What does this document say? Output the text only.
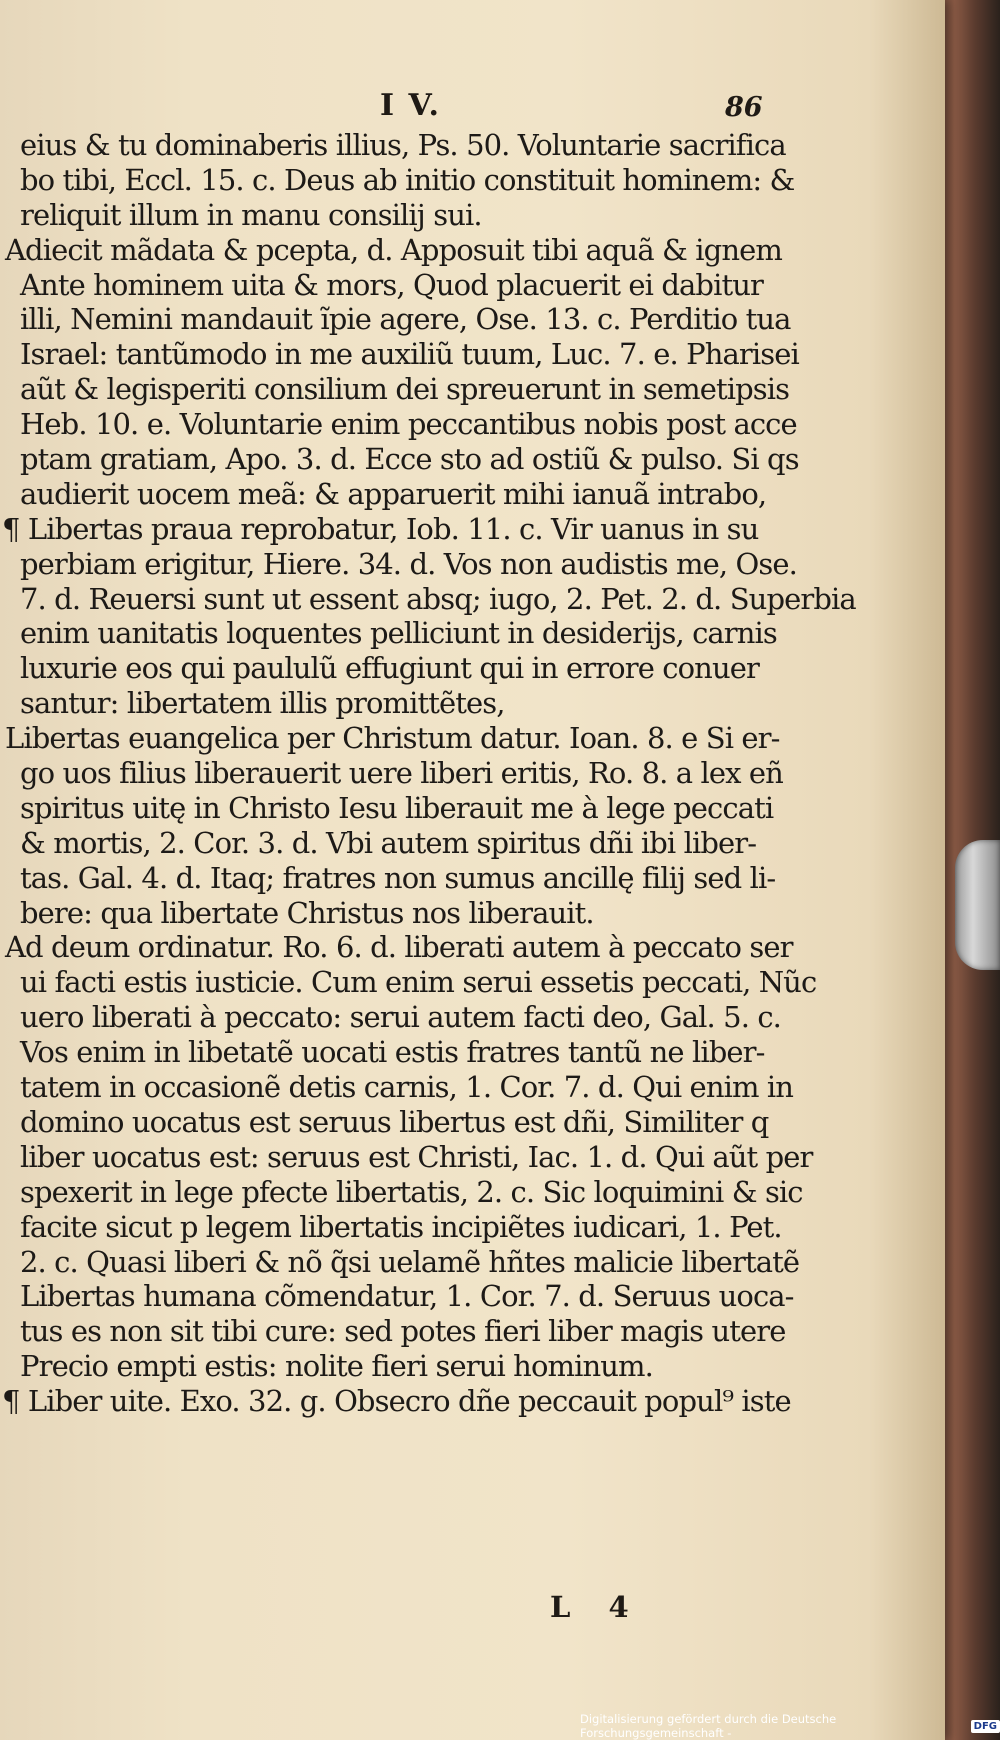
I V.	86
eius & tu dominaberis illius, Ps. 50. Voluntarie sacrifica
bo tibi, Eccl. 15. c. Deus ab initio constituit hominem: &
reliquit illum in manu consilij sui.
Adiecit mãdata & pcepta, d. Apposuit tibi aquã & ignem
Ante hominem uita & mors, Quod placuerit ei dabitur
illi, Nemini mandauit ĩpie agere, Ose. 13. c. Perditio tua
Israel: tantũmodo in me auxiliũ tuum, Luc. 7. e. Pharisei
aũt & legisperiti consilium dei spreuerunt in semetipsis
Heb. 10. e. Voluntarie enim peccantibus nobis post acce
ptam gratiam, Apo. 3. d. Ecce sto ad ostiũ & pulso. Si qs
audierit uocem meã: & apparuerit mihi ianuã intrabo,
¶ Libertas praua reprobatur, Iob. 11. c. Vir uanus in su
perbiam erigitur, Hiere. 34. d. Vos non audistis me, Ose.
7. d. Reuersi sunt ut essent absq; iugo, 2. Pet. 2. d. Superbia
enim uanitatis loquentes pelliciunt in desiderijs, carnis
luxurie eos qui paululũ effugiunt qui in errore conuer
santur: libertatem illis promittẽtes,
Libertas euangelica per Christum datur. Ioan. 8. e Si er-
go uos filius liberauerit uere liberi eritis, Ro. 8. a lex eñ
spiritus uitę in Christo Iesu liberauit me à lege peccati
& mortis, 2. Cor. 3. d. Vbi autem spiritus dñi ibi liber-
tas. Gal. 4. d. Itaq; fratres non sumus ancillę filij sed li-
bere: qua libertate Christus nos liberauit.
Ad deum ordinatur. Ro. 6. d. liberati autem à peccato ser
ui facti estis iusticie. Cum enim serui essetis peccati, Nũc
uero liberati à peccato: serui autem facti deo, Gal. 5. c.
Vos enim in libetatẽ uocati estis fratres tantũ ne liber-
tatem in occasionẽ detis carnis, 1. Cor. 7. d. Qui enim in
domino uocatus est seruus libertus est dñi, Similiter q
liber uocatus est: seruus est Christi, Iac. 1. d. Qui aũt per
spexerit in lege pfecte libertatis, 2. c. Sic loquimini & sic
facite sicut p legem libertatis incipiẽtes iudicari, 1. Pet.
2. c. Quasi liberi & nõ q̃si uelamẽ hñtes malicie libertatẽ
Libertas humana cõmendatur, 1. Cor. 7. d. Seruus uoca-
tus es non sit tibi cure: sed potes fieri liber magis utere
Precio empti estis: nolite fieri serui hominum.
¶ Liber uite. Exo. 32. g. Obsecro dñe peccauit popul⁹ iste
L 4
Digitalisierung gefördert durch die Deutsche Forschungsgemeinschaft -	DFG
